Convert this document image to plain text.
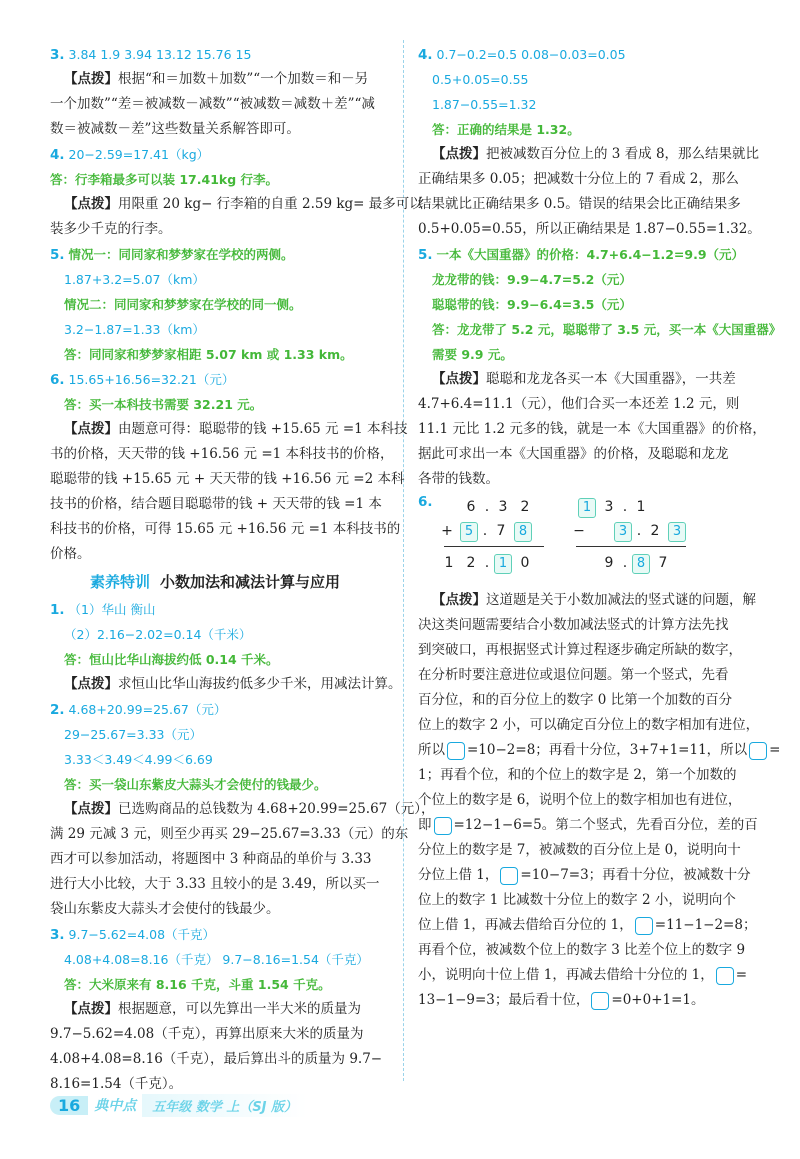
3. 3.84 1.9 3.94 13.12 15.76 15
【点拨】根据“和＝加数＋加数”“一个加数＝和－另
一个加数”“差＝被减数－减数”“被减数＝减数＋差”“减
数＝被减数－差”这些数量关系解答即可。
4. 20−2.59=17.41（kg）
答：行李箱最多可以装 17.41kg 行李。
【点拨】用限重 20 kg− 行李箱的自重 2.59 kg= 最多可以
装多少千克的行李。
5. 情况一：同同家和梦梦家在学校的两侧。
1.87+3.2=5.07（km）
情况二：同同家和梦梦家在学校的同一侧。
3.2−1.87=1.33（km）
答：同同家和梦梦家相距 5.07 km 或 1.33 km。
6. 15.65+16.56=32.21（元）
答：买一本科技书需要 32.21 元。
【点拨】由题意可得：聪聪带的钱 +15.65 元 =1 本科技
书的价格，天天带的钱 +16.56 元 =1 本科技书的价格，
聪聪带的钱 +15.65 元 + 天天带的钱 +16.56 元 =2 本科
技书的价格，结合题目聪聪带的钱 + 天天带的钱 =1 本
科技书的价格，可得 15.65 元 +16.56 元 =1 本科技书的
价格。
素养特训 小数加法和减法计算与应用
1. （1）华山 衡山
（2）2.16−2.02=0.14（千米）
答：恒山比华山海拔约低 0.14 千米。
【点拨】求恒山比华山海拔约低多少千米，用减法计算。
2. 4.68+20.99=25.67（元）
29−25.67=3.33（元）
3.33＜3.49＜4.99＜6.69
答：买一袋山东紫皮大蒜头才会使付的钱最少。
【点拨】已选购商品的总钱数为 4.68+20.99=25.67（元），
满 29 元减 3 元，则至少再买 29−25.67=3.33（元）的东
西才可以参加活动，将题图中 3 种商品的单价与 3.33
进行大小比较，大于 3.33 且较小的是 3.49，所以买一
袋山东紫皮大蒜头才会使付的钱最少。
3. 9.7−5.62=4.08（千克）
4.08+4.08=8.16（千克） 9.7−8.16=1.54（千克）
答：大米原来有 8.16 千克，斗重 1.54 千克。
【点拨】根据题意，可以先算出一半大米的质量为
9.7−5.62=4.08（千克），再算出原来大米的质量为
4.08+4.08=8.16（千克），最后算出斗的质量为 9.7−
8.16=1.54（千克）。
4. 0.7−0.2=0.5 0.08−0.03=0.05
0.5+0.05=0.55
1.87−0.55=1.32
答：正确的结果是 1.32。
【点拨】把被减数百分位上的 3 看成 8，那么结果就比
正确结果多 0.05；把减数十分位上的 7 看成 2，那么
结果就比正确结果多 0.5。错误的结果会比正确结果多
0.5+0.05=0.55，所以正确结果是 1.87−0.55=1.32。
5. 一本《大国重器》的价格：4.7+6.4−1.2=9.9（元）
龙龙带的钱：9.9−4.7=5.2（元）
聪聪带的钱：9.9−6.4=3.5（元）
答：龙龙带了 5.2 元，聪聪带了 3.5 元，买一本《大国重器》
需要 9.9 元。
【点拨】聪聪和龙龙各买一本《大国重器》，一共差
4.7+6.4=11.1（元），他们合买一本还差 1.2 元，则
11.1 元比 1.2 元多的钱，就是一本《大国重器》的价格，
据此可求出一本《大国重器》的价格，及聪聪和龙龙
各带的钱数。
6.	6 . 3 2
+ 5 . 7 8
1 2 . 1 0
1 3 . 1
−	3 . 2 3
9 . 8 7
【点拨】这道题是关于小数加减法的竖式谜的问题，解
决这类问题需要结合小数加减法竖式的计算方法先找
到突破口，再根据竖式计算过程逐步确定所缺的数字，
在分析时要注意进位或退位问题。第一个竖式，先看
百分位，和的百分位上的数字 0 比第一个加数的百分
位上的数字 2 小，可以确定百分位上的数字相加有进位，
所以 =10−2=8；再看十分位，3+7+1=11，所以 =
1；再看个位，和的个位上的数字是 2，第一个加数的
个位上的数字是 6，说明个位上的数字相加也有进位，
即 =12−1−6=5。第二个竖式，先看百分位，差的百
分位上的数字是 7，被减数的百分位上是 0，说明向十
分位上借 1， =10−7=3；再看十分位，被减数十分
位上的数字 1 比减数十分位上的数字 2 小，说明向个
位上借 1，再减去借给百分位的 1， =11−1−2=8；
再看个位，被减数个位上的数字 3 比差个位上的数字 9
小，说明向十位上借 1，再减去借给十分位的 1， =
13−1−9=3；最后看十位， =0+0+1=1。
16	典中点	五年级 数学 上（SJ 版）
